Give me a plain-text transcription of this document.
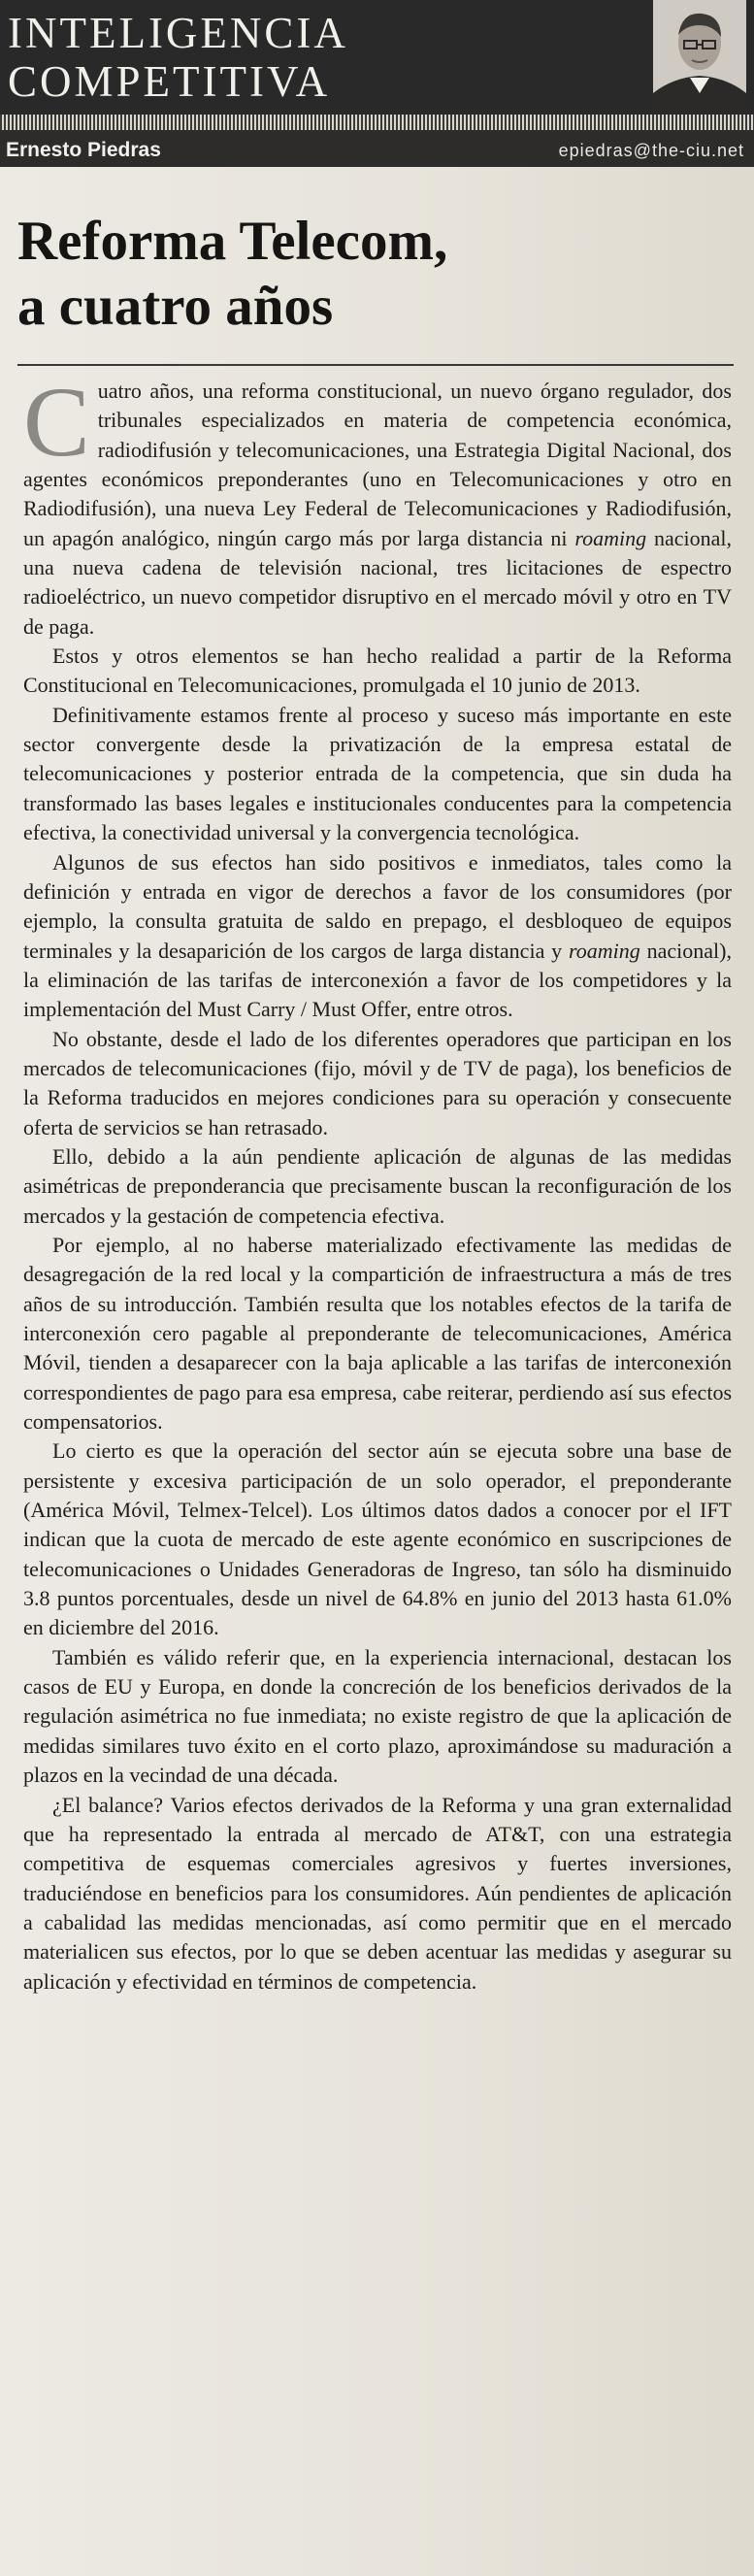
INTELIGENCIA
COMPETITIVA
Ernesto Piedras	epiedras@the-ciu.net
Reforma Telecom,
a cuatro años

Cuatro años, una reforma constitucional, un nuevo órgano regulador, dos tribunales especializados en materia de competencia económica, radiodifusión y telecomunicaciones, una Estrategia Digital Nacional, dos agentes económicos preponderantes (uno en Telecomunicaciones y otro en Radiodifusión), una nueva Ley Federal de Telecomunicaciones y Radiodifusión, un apagón analógico, ningún cargo más por larga distancia ni roaming nacional, una nueva cadena de televisión nacional, tres licitaciones de espectro radioeléctrico, un nuevo competidor disruptivo en el mercado móvil y otro en TV de paga.

Estos y otros elementos se han hecho realidad a partir de la Reforma Constitucional en Telecomunicaciones, promulgada el 10 junio de 2013.

Definitivamente estamos frente al proceso y suceso más importante en este sector convergente desde la privatización de la empresa estatal de telecomunicaciones y posterior entrada de la competencia, que sin duda ha transformado las bases legales e institucionales conducentes para la competencia efectiva, la conectividad universal y la convergencia tecnológica.

Algunos de sus efectos han sido positivos e inmediatos, tales como la definición y entrada en vigor de derechos a favor de los consumidores (por ejemplo, la consulta gratuita de saldo en prepago, el desbloqueo de equipos terminales y la desaparición de los cargos de larga distancia y roaming nacional), la eliminación de las tarifas de interconexión a favor de los competidores y la implementación del Must Carry / Must Offer, entre otros.

No obstante, desde el lado de los diferentes operadores que participan en los mercados de telecomunicaciones (fijo, móvil y de TV de paga), los beneficios de la Reforma traducidos en mejores condiciones para su operación y consecuente oferta de servicios se han retrasado.

Ello, debido a la aún pendiente aplicación de algunas de las medidas asimétricas de preponderancia que precisamente buscan la reconfiguración de los mercados y la gestación de competencia efectiva.

Por ejemplo, al no haberse materializado efectivamente las medidas de desagregación de la red local y la compartición de infraestructura a más de tres años de su introducción. También resulta que los notables efectos de la tarifa de interconexión cero pagable al preponderante de telecomunicaciones, América Móvil, tienden a desaparecer con la baja aplicable a las tarifas de interconexión correspondientes de pago para esa empresa, cabe reiterar, perdiendo así sus efectos compensatorios.

Lo cierto es que la operación del sector aún se ejecuta sobre una base de persistente y excesiva participación de un solo operador, el preponderante (América Móvil, Telmex-Telcel). Los últimos datos dados a conocer por el IFT indican que la cuota de mercado de este agente económico en suscripciones de telecomunicaciones o Unidades Generadoras de Ingreso, tan sólo ha disminuido 3.8 puntos porcentuales, desde un nivel de 64.8% en junio del 2013 hasta 61.0% en diciembre del 2016.

También es válido referir que, en la experiencia internacional, destacan los casos de EU y Europa, en donde la concreción de los beneficios derivados de la regulación asimétrica no fue inmediata; no existe registro de que la aplicación de medidas similares tuvo éxito en el corto plazo, aproximándose su maduración a plazos en la vecindad de una década.

¿El balance? Varios efectos derivados de la Reforma y una gran externalidad que ha representado la entrada al mercado de AT&T, con una estrategia competitiva de esquemas comerciales agresivos y fuertes inversiones, traduciéndose en beneficios para los consumidores. Aún pendientes de aplicación a cabalidad las medidas mencionadas, así como permitir que en el mercado materialicen sus efectos, por lo que se deben acentuar las medidas y asegurar su aplicación y efectividad en términos de competencia.
